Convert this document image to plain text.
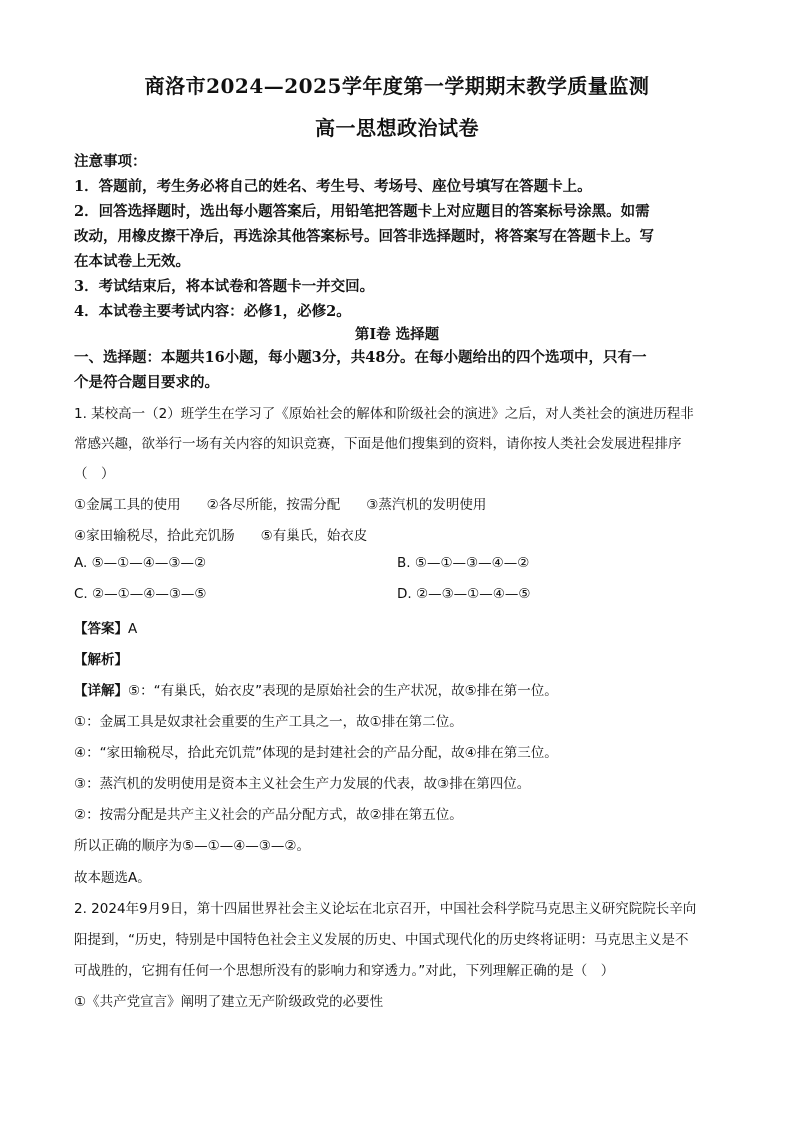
商洛市2024—2025学年度第一学期期末教学质量监测
高一思想政治试卷
注意事项：
1．答题前，考生务必将自己的姓名、考生号、考场号、座位号填写在答题卡上。
2．回答选择题时，选出每小题答案后，用铅笔把答题卡上对应题目的答案标号涂黑。如需
改动，用橡皮擦干净后，再选涂其他答案标号。回答非选择题时，将答案写在答题卡上。写
在本试卷上无效。
3．考试结束后，将本试卷和答题卡一并交回。
4．本试卷主要考试内容：必修1，必修2。
第Ⅰ卷 选择题
一、选择题：本题共16小题，每小题3分，共48分。在每小题给出的四个选项中，只有一
个是符合题目要求的。
1. 某校高一（2）班学生在学习了《原始社会的解体和阶级社会的演进》之后，对人类社会的演进历程非
常感兴趣，欲举行一场有关内容的知识竞赛，下面是他们搜集到的资料，请你按人类社会发展进程排序
（　）
①金属工具的使用 ②各尽所能，按需分配 ③蒸汽机的发明使用
④家田输税尽，拾此充饥肠 ⑤有巢氏，始衣皮
A. ⑤—①—④—③—②	B. ⑤—①—③—④—②
C. ②—①—④—③—⑤	D. ②—③—①—④—⑤
【答案】A
【解析】
【详解】⑤：“有巢氏，始衣皮”表现的是原始社会的生产状况，故⑤排在第一位。
①：金属工具是奴隶社会重要的生产工具之一，故①排在第二位。
④：“家田输税尽，拾此充饥荒”体现的是封建社会的产品分配，故④排在第三位。
③：蒸汽机的发明使用是资本主义社会生产力发展的代表，故③排在第四位。
②：按需分配是共产主义社会的产品分配方式，故②排在第五位。
所以正确的顺序为⑤—①—④—③—②。
故本题选A。
2. 2024年9月9日，第十四届世界社会主义论坛在北京召开，中国社会科学院马克思主义研究院院长辛向
阳提到，“历史，特别是中国特色社会主义发展的历史、中国式现代化的历史终将证明：马克思主义是不
可战胜的，它拥有任何一个思想所没有的影响力和穿透力。”对此，下列理解正确的是（　）
①《共产党宣言》阐明了建立无产阶级政党的必要性
